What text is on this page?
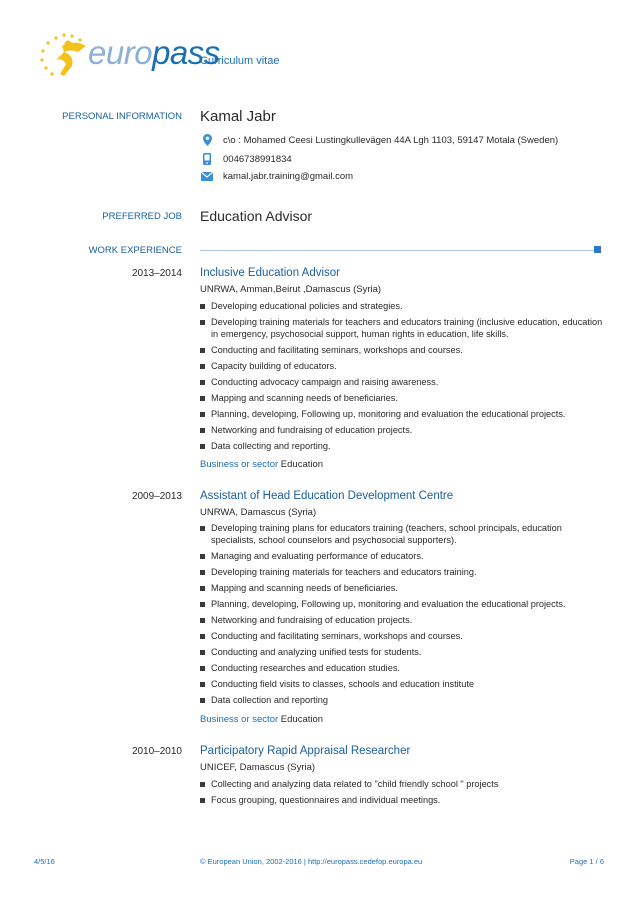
europass
Curriculum vitae
PERSONAL INFORMATION Kamal Jabr
c\o : Mohamed Ceesi Lustingkullevägen 44A Lgh 1103, 59147 Motala (Sweden)
0046738991834
kamal.jabr.training@gmail.com
PREFERRED JOB Education Advisor
WORK EXPERIENCE
2013–2014 Inclusive Education Advisor
UNRWA, Amman,Beirut ,Damascus (Syria)
Developing educational policies and strategies.
Developing training materials for teachers and educators training (inclusive education, education in emergency, psychosocial support, human rights in education, life skills.
Conducting and facilitating seminars, workshops and courses.
Capacity building of educators.
Conducting advocacy campaign and raising awareness.
Mapping and scanning needs of beneficiaries.
Planning, developing, Following up, monitoring and evaluation the educational projects.
Networking and fundraising of education projects.
Data collecting and reporting.
Business or sector Education
2009–2013 Assistant of Head Education Development Centre
UNRWA, Damascus (Syria)
Developing training plans for educators training (teachers, school principals, education specialists, school counselors and psychosocial supporters).
Managing and evaluating performance of educators.
Developing training materials for teachers and educators training.
Mapping and scanning needs of beneficiaries.
Planning, developing, Following up, monitoring and evaluation the educational projects.
Networking and fundraising of education projects.
Conducting and facilitating seminars, workshops and courses.
Conducting and analyzing unified tests for students.
Conducting researches and education studies.
Conducting field visits to classes, schools and education institute
Data collection and reporting
Business or sector Education
2010–2010 Participatory Rapid Appraisal Researcher
UNICEF, Damascus (Syria)
Collecting and analyzing data related to "child friendly school " projects
Focus grouping, questionnaires and individual meetings.
4/5/16	© European Union, 2002-2016 | http://europass.cedefop.europa.eu	Page 1 / 6
